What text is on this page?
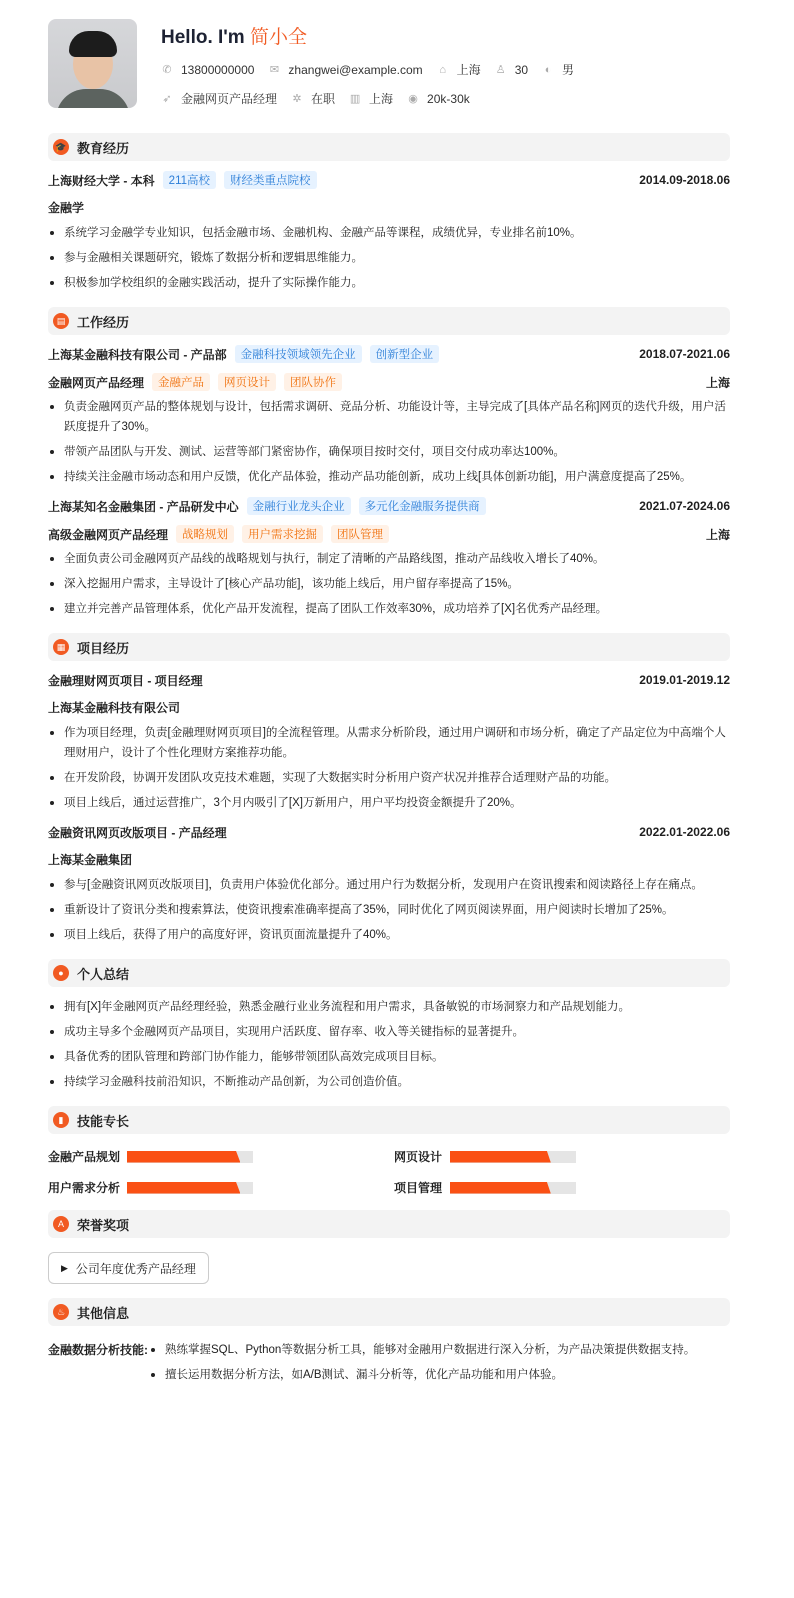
Hello. I'm 简小全
✆ 13800000000 ✉ zhangwei@example.com ⌂ 上海 ♙ 30 ◐ 男
➶ 金融网页产品经理 ✲ 在职 ▥ 上海 ◉ 20k-30k
🎓 教育经历
上海财经大学 - 本科	211高校	财经类重点院校	2014.09-2018.06
金融学
系统学习金融学专业知识，包括金融市场、金融机构、金融产品等课程，成绩优异，专业排名前10%。
参与金融相关课题研究，锻炼了数据分析和逻辑思维能力。
积极参加学校组织的金融实践活动，提升了实际操作能力。
▤ 工作经历
上海某金融科技有限公司 - 产品部	金融科技领域领先企业	创新型企业	2018.07-2021.06
金融网页产品经理	金融产品	网页设计	团队协作	上海
负责金融网页产品的整体规划与设计，包括需求调研、竞品分析、功能设计等，主导完成了[具体产品名称]网页的迭代升级，用户活跃度提升了30%。
带领产品团队与开发、测试、运营等部门紧密协作，确保项目按时交付，项目交付成功率达100%。
持续关注金融市场动态和用户反馈，优化产品体验，推动产品功能创新，成功上线[具体创新功能]，用户满意度提高了25%。
上海某知名金融集团 - 产品研发中心	金融行业龙头企业	多元化金融服务提供商	2021.07-2024.06
高级金融网页产品经理	战略规划	用户需求挖掘	团队管理	上海
全面负责公司金融网页产品线的战略规划与执行，制定了清晰的产品路线图，推动产品线收入增长了40%。
深入挖掘用户需求，主导设计了[核心产品功能]，该功能上线后，用户留存率提高了15%。
建立并完善产品管理体系，优化产品开发流程，提高了团队工作效率30%，成功培养了[X]名优秀产品经理。
▦ 项目经历
金融理财网页项目 - 项目经理	2019.01-2019.12
上海某金融科技有限公司
作为项目经理，负责[金融理财网页项目]的全流程管理。从需求分析阶段，通过用户调研和市场分析，确定了产品定位为中高端个人理财用户，设计了个性化理财方案推荐功能。
在开发阶段，协调开发团队攻克技术难题，实现了大数据实时分析用户资产状况并推荐合适理财产品的功能。
项目上线后，通过运营推广，3个月内吸引了[X]万新用户，用户平均投资金额提升了20%。
金融资讯网页改版项目 - 产品经理	2022.01-2022.06
上海某金融集团
参与[金融资讯网页改版项目]，负责用户体验优化部分。通过用户行为数据分析，发现用户在资讯搜索和阅读路径上存在痛点。
重新设计了资讯分类和搜索算法，使资讯搜索准确率提高了35%，同时优化了网页阅读界面，用户阅读时长增加了25%。
项目上线后，获得了用户的高度好评，资讯页面流量提升了40%。
●	个人总结
拥有[X]年金融网页产品经理经验，熟悉金融行业业务流程和用户需求，具备敏锐的市场洞察力和产品规划能力。
成功主导多个金融网页产品项目，实现用户活跃度、留存率、收入等关键指标的显著提升。
具备优秀的团队管理和跨部门协作能力，能够带领团队高效完成项目目标。
持续学习金融科技前沿知识，不断推动产品创新，为公司创造价值。
▮	技能专长
金融产品规划	网页设计
用户需求分析	项目管理
A	荣誉奖项
▶ 公司年度优秀产品经理
♨ 其他信息
金融数据分析技能:	熟练掌握SQL、Python等数据分析工具，能够对金融用户数据进行深入分析，为产品决策提供数据支持。
擅长运用数据分析方法，如A/B测试、漏斗分析等，优化产品功能和用户体验。
